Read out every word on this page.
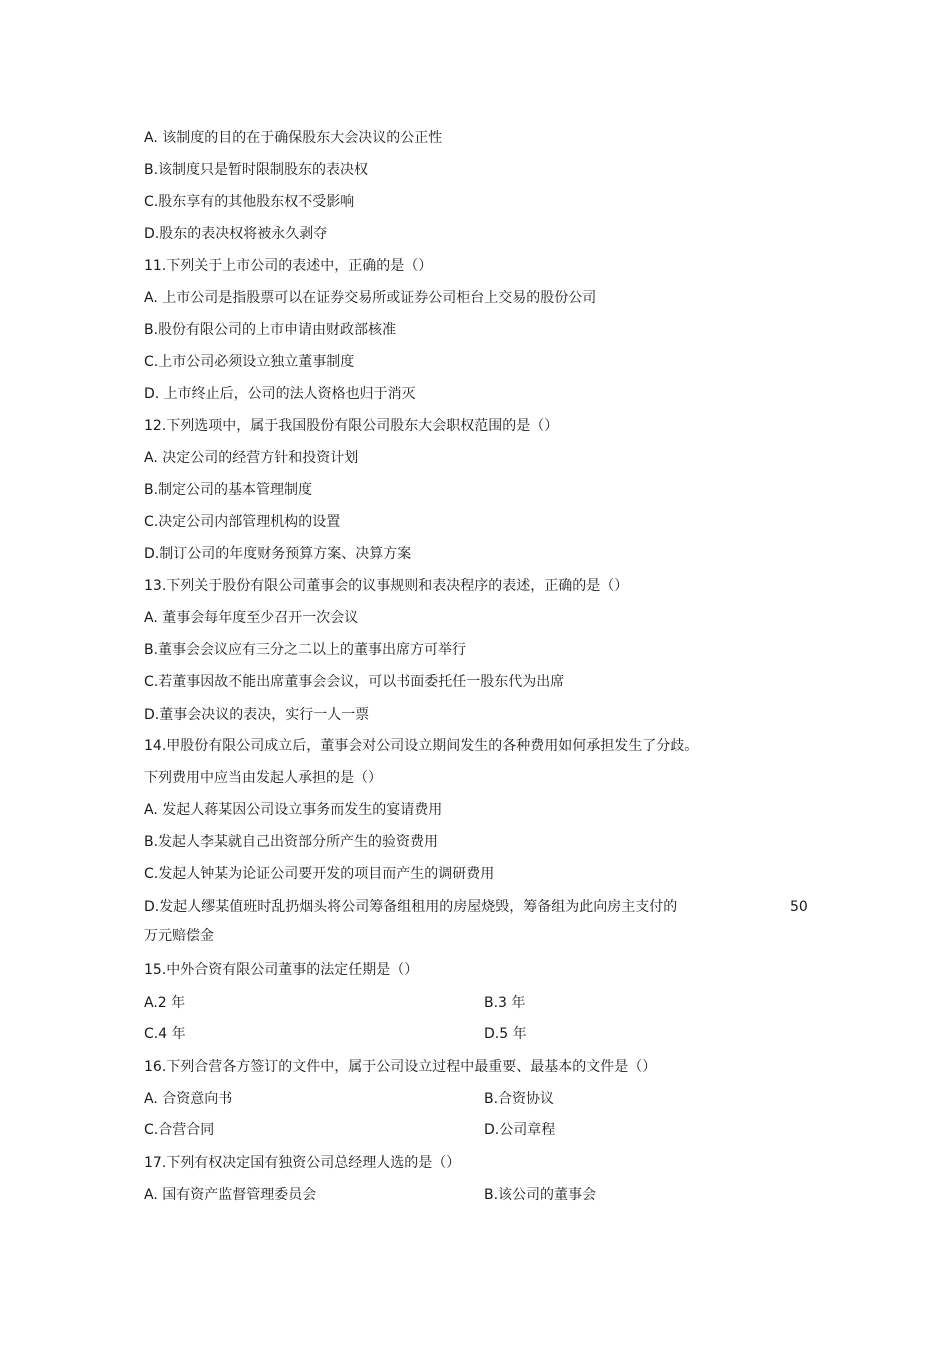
A. 该制度的目的在于确保股东大会决议的公正性
B.该制度只是暂时限制股东的表决权
C.股东享有的其他股东权不受影响
D.股东的表决权将被永久剥夺
11.下列关于上市公司的表述中，正确的是（）
A. 上市公司是指股票可以在证券交易所或证券公司柜台上交易的股份公司
B.股份有限公司的上市申请由财政部核准
C.上市公司必须设立独立董事制度
D. 上市终止后，公司的法人资格也归于消灭
12.下列选项中，属于我国股份有限公司股东大会职权范围的是（）
A. 决定公司的经营方针和投资计划
B.制定公司的基本管理制度
C.决定公司内部管理机构的设置
D.制订公司的年度财务预算方案、决算方案
13.下列关于股份有限公司董事会的议事规则和表决程序的表述，正确的是（）
A. 董事会每年度至少召开一次会议
B.董事会会议应有三分之二以上的董事出席方可举行
C.若董事因故不能出席董事会会议，可以书面委托任一股东代为出席
D.董事会决议的表决，实行一人一票
14.甲股份有限公司成立后，董事会对公司设立期间发生的各种费用如何承担发生了分歧。
下列费用中应当由发起人承担的是（）
A. 发起人蒋某因公司设立事务而发生的宴请费用
B.发起人李某就自己出资部分所产生的验资费用
C.发起人钟某为论证公司要开发的项目而产生的调研费用
D.发起人缪某值班时乱扔烟头将公司筹备组租用的房屋烧毁，筹备组为此向房主支付的	50
万元赔偿金
15.中外合资有限公司董事的法定任期是（）
A.2 年	B.3 年
C.4 年	D.5 年
16.下列合营各方签订的文件中，属于公司设立过程中最重要、最基本的文件是（）
A. 合资意向书	B.合资协议
C.合营合同	D.公司章程
17.下列有权决定国有独资公司总经理人选的是（）
A. 国有资产监督管理委员会	B.该公司的董事会
